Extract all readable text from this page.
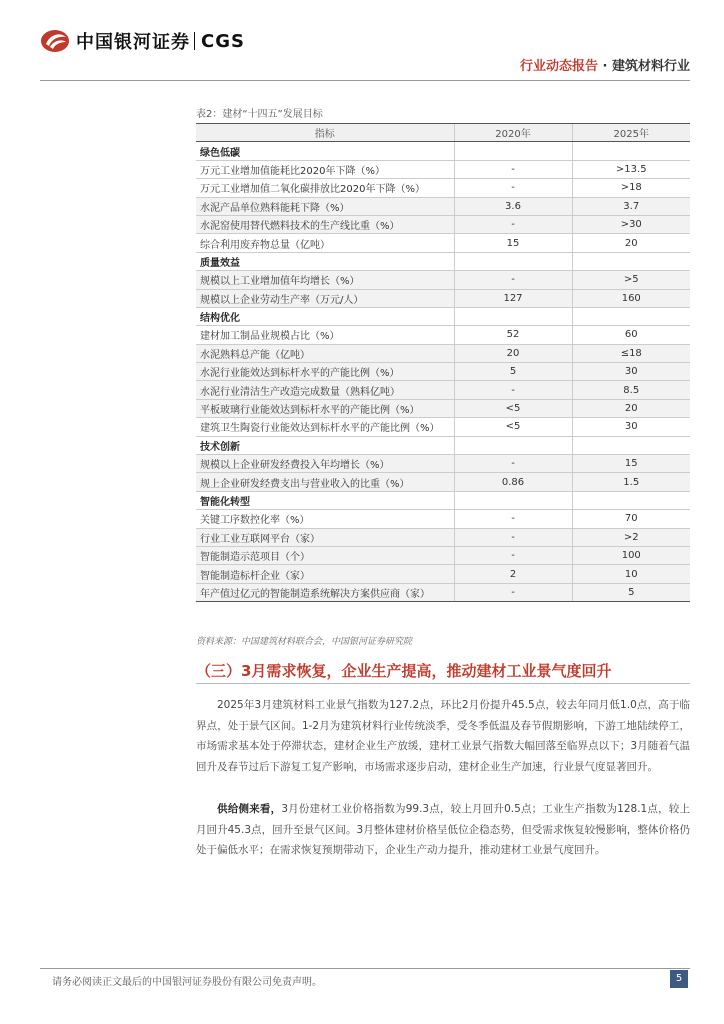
中国银河证券 CGS
行业动态报告 · 建筑材料行业
表2：建材“十四五”发展目标
指标	2020年	2025年
绿色低碳		
万元工业增加值能耗比2020年下降（%）	-	>13.5
万元工业增加值二氧化碳排放比2020年下降（%）	-	>18
水泥产品单位熟料能耗下降（%）	3.6	3.7
水泥窑使用替代燃料技术的生产线比重（%）	-	>30
综合利用废弃物总量（亿吨）	15	20
质量效益		
规模以上工业增加值年均增长（%）	-	>5
规模以上企业劳动生产率（万元/人）	127	160
结构优化		
建材加工制品业规模占比（%）	52	60
水泥熟料总产能（亿吨）	20	≤18
水泥行业能效达到标杆水平的产能比例（%）	5	30
水泥行业清洁生产改造完成数量（熟料亿吨）	-	8.5
平板玻璃行业能效达到标杆水平的产能比例（%）	<5	20
建筑卫生陶瓷行业能效达到标杆水平的产能比例（%）	<5	30
技术创新		
规模以上企业研发经费投入年均增长（%）	-	15
规上企业研发经费支出与营业收入的比重（%）	0.86	1.5
智能化转型		
关键工序数控化率（%）	-	70
行业工业互联网平台（家）	-	>2
智能制造示范项目（个）	-	100
智能制造标杆企业（家）	2	10
年产值过亿元的智能制造系统解决方案供应商（家）	-	5
资料来源：中国建筑材料联合会，中国银河证券研究院
（三）3月需求恢复，企业生产提高，推动建材工业景气度回升
2025年3月建筑材料工业景气指数为127.2点，环比2月份提升45.5点，较去年同月低1.0点，高于临界点，处于景气区间。1-2月为建筑材料行业传统淡季，受冬季低温及春节假期影响，下游工地陆续停工，市场需求基本处于停滞状态，建材企业生产放缓，建材工业景气指数大幅回落至临界点以下；3月随着气温回升及春节过后下游复工复产影响，市场需求逐步启动，建材企业生产加速，行业景气度显著回升。
供给侧来看，3月份建材工业价格指数为99.3点，较上月回升0.5点；工业生产指数为128.1点，较上月回升45.3点，回升至景气区间。3月整体建材价格呈低位企稳态势，但受需求恢复较慢影响，整体价格仍处于偏低水平；在需求恢复预期带动下，企业生产动力提升，推动建材工业景气度回升。
请务必阅读正文最后的中国银河证券股份有限公司免责声明。	5
